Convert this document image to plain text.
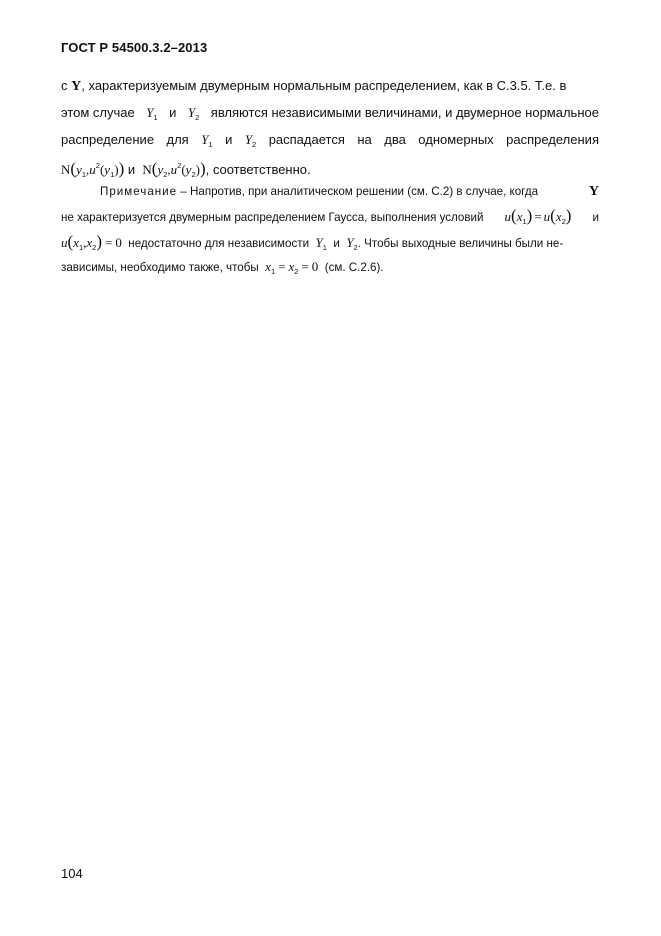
ГОСТ Р 54500.3.2–2013
с Y, характеризуемым двумерным нормальным распределением, как в С.3.5. Т.е. в
этом случае $Y_1$ и $Y_2$ являются независимыми величинами, и двумерное нормальное
распределение для $Y_1$ и $Y_2$ распадается на два одномерных распределения
$N(y_1,u^2(y_1))$ и $N(y_2,u^2(y_2))$, соответственно.
Примечание – Напротив, при аналитическом решении (см. С.2) в случае, когда	Y
не характеризуется двумерным распределением Гаусса, выполнения условий $u(x_1) = u(x_2)$ и
$u(x_1,x_2) = 0$ недостаточно для независимости $Y_1$ и $Y_2$. Чтобы выходные величины были не-
зависимы, необходимо также, чтобы $x_1 = x_2 = 0$ (см. С.2.6).
104
